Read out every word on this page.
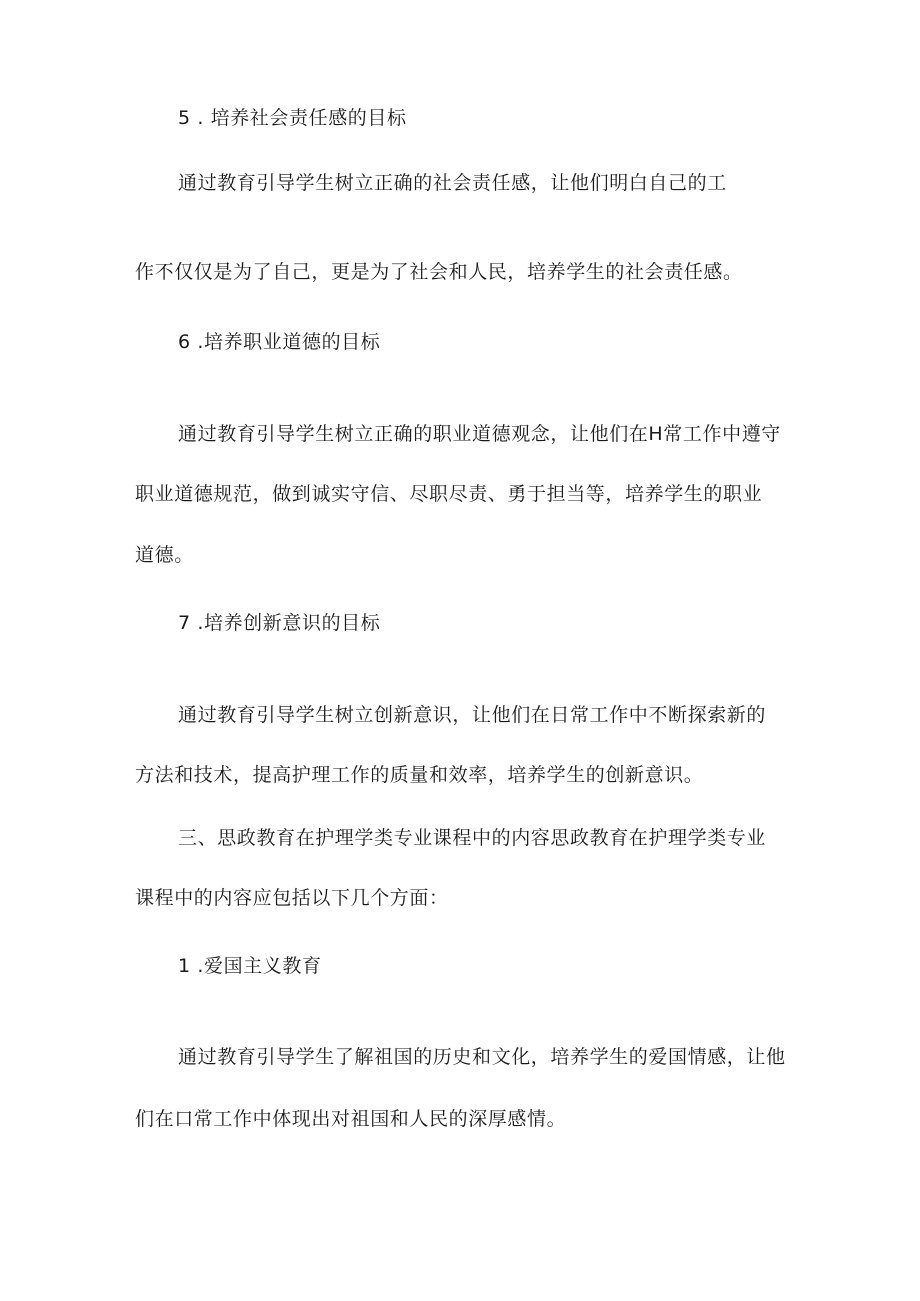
5 . 培养社会责任感的目标
通过教育引导学生树立正确的社会责任感，让他们明白自己的工
作不仅仅是为了自己，更是为了社会和人民，培养学生的社会责任感。
6 .培养职业道德的目标
通过教育引导学生树立正确的职业道德观念，让他们在H常工作中遵守
职业道德规范，做到诚实守信、尽职尽责、勇于担当等，培养学生的职业
道德。
7 .培养创新意识的目标
通过教育引导学生树立创新意识，让他们在日常工作中不断探索新的
方法和技术，提高护理工作的质量和效率，培养学生的创新意识。
三、思政教育在护理学类专业课程中的内容思政教育在护理学类专业
课程中的内容应包括以下几个方面：
1 .爱国主义教育
通过教育引导学生了解祖国的历史和文化，培养学生的爱国情感，让他
们在口常工作中体现出对祖国和人民的深厚感情。
